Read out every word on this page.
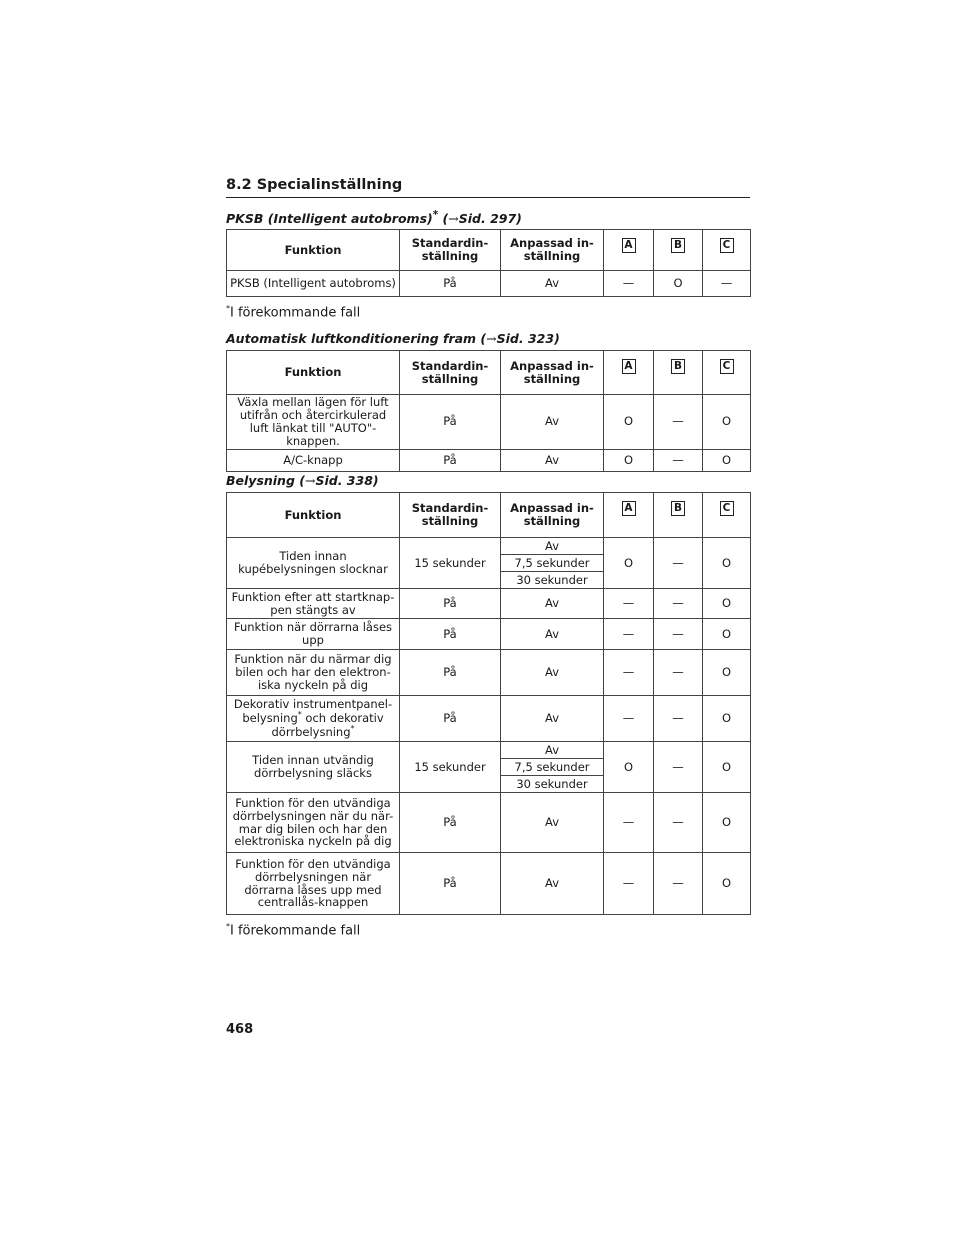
8.2 Specialinställning
PKSB (Intelligent autobroms)* (→Sid. 297)
Funktion	Standardin-ställning	Anpassad in-ställning	A	B	C
PKSB (Intelligent autobroms)	På	Av	—	O	—
*I förekommande fall
Automatisk luftkonditionering fram (→Sid. 323)
Funktion	Standardin-ställning	Anpassad in-ställning	A	B	C
Växla mellan lägen för luft utifrån och återcirkulerad luft länkat till "AUTO"-knappen.	På	Av	O	—	O
A/C-knapp	På	Av	O	—	O
Belysning (→Sid. 338)
Funktion	Standardin-ställning	Anpassad in-ställning	A	B	C
Tiden innan kupébelysningen slocknar	15 sekunder	Av	O	—	O
		7,5 sekunder			
		30 sekunder			
Funktion efter att startknap-pen stängts av	På	Av	—	—	O
Funktion när dörrarna låses upp	På	Av	—	—	O
Funktion när du närmar dig bilen och har den elektron-iska nyckeln på dig	På	Av	—	—	O
Dekorativ instrumentpanel-belysning* och dekorativ dörrbelysning*	På	Av	—	—	O
Tiden innan utvändig dörrbelysning släcks	15 sekunder	Av	O	—	O
		7,5 sekunder			
		30 sekunder			
Funktion för den utvändiga dörrbelysningen när du när-mar dig bilen och har den elektroniska nyckeln på dig	På	Av	—	—	O
Funktion för den utvändiga dörrbelysningen när dörrarna låses upp med centrallås-knappen	På	Av	—	—	O
*I förekommande fall
468
